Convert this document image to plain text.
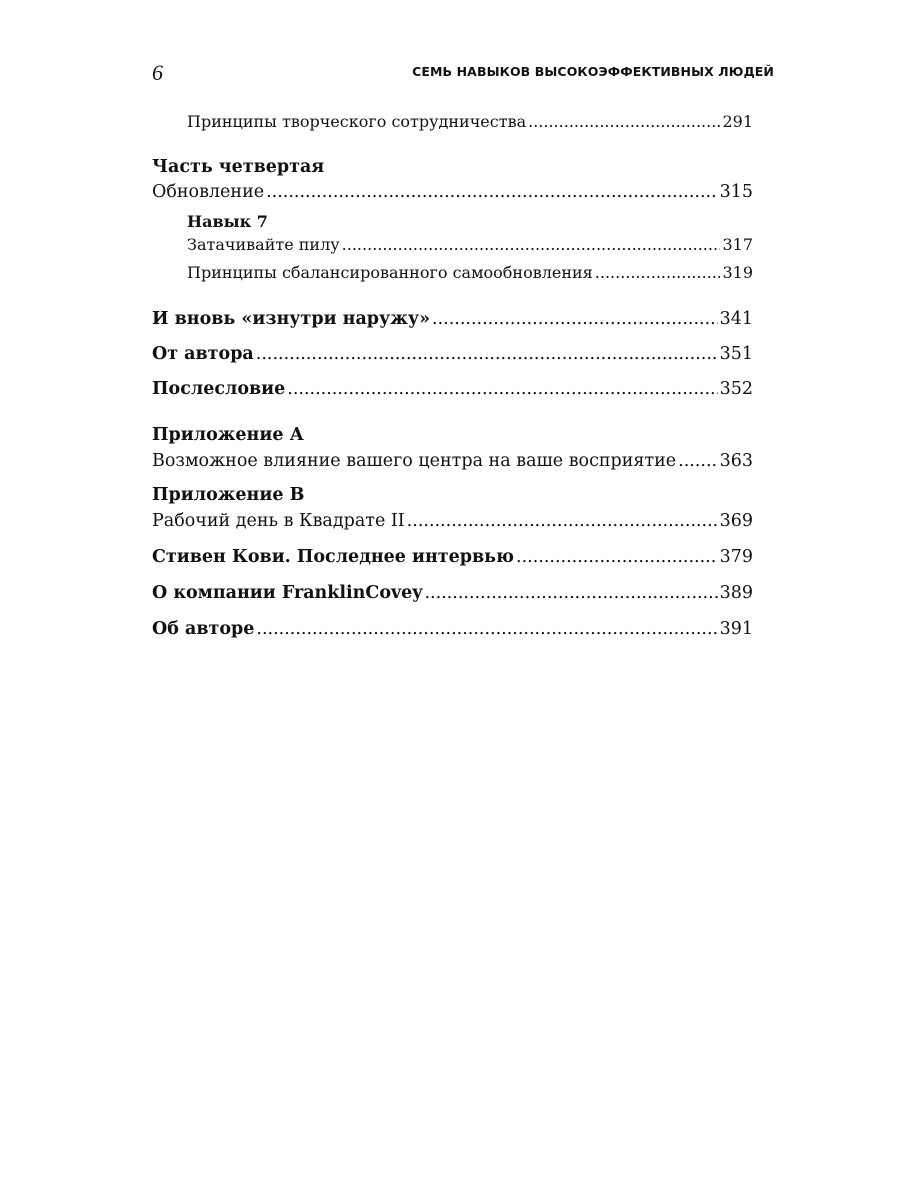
6	СЕМЬ НАВЫКОВ ВЫСОКОЭФФЕКТИВНЫХ ЛЮДЕЙ
Принципы творческого сотрудничества .....	291
Часть четвертая
Обновление .....	315
Навык 7
Затачивайте пилу .....	317
Принципы сбалансированного самообновления .....	319
И вновь «изнутри наружу» .....	341
От автора .....	351
Послесловие .....	352
Приложение А
Возможное влияние вашего центра на ваше восприятие ..... 363
Приложение В
Рабочий день в Квадрате II .....	369
Стивен Кови. Последнее интервью .....	379
О компании FranklinCovey .....	389
Об авторе .....	391
